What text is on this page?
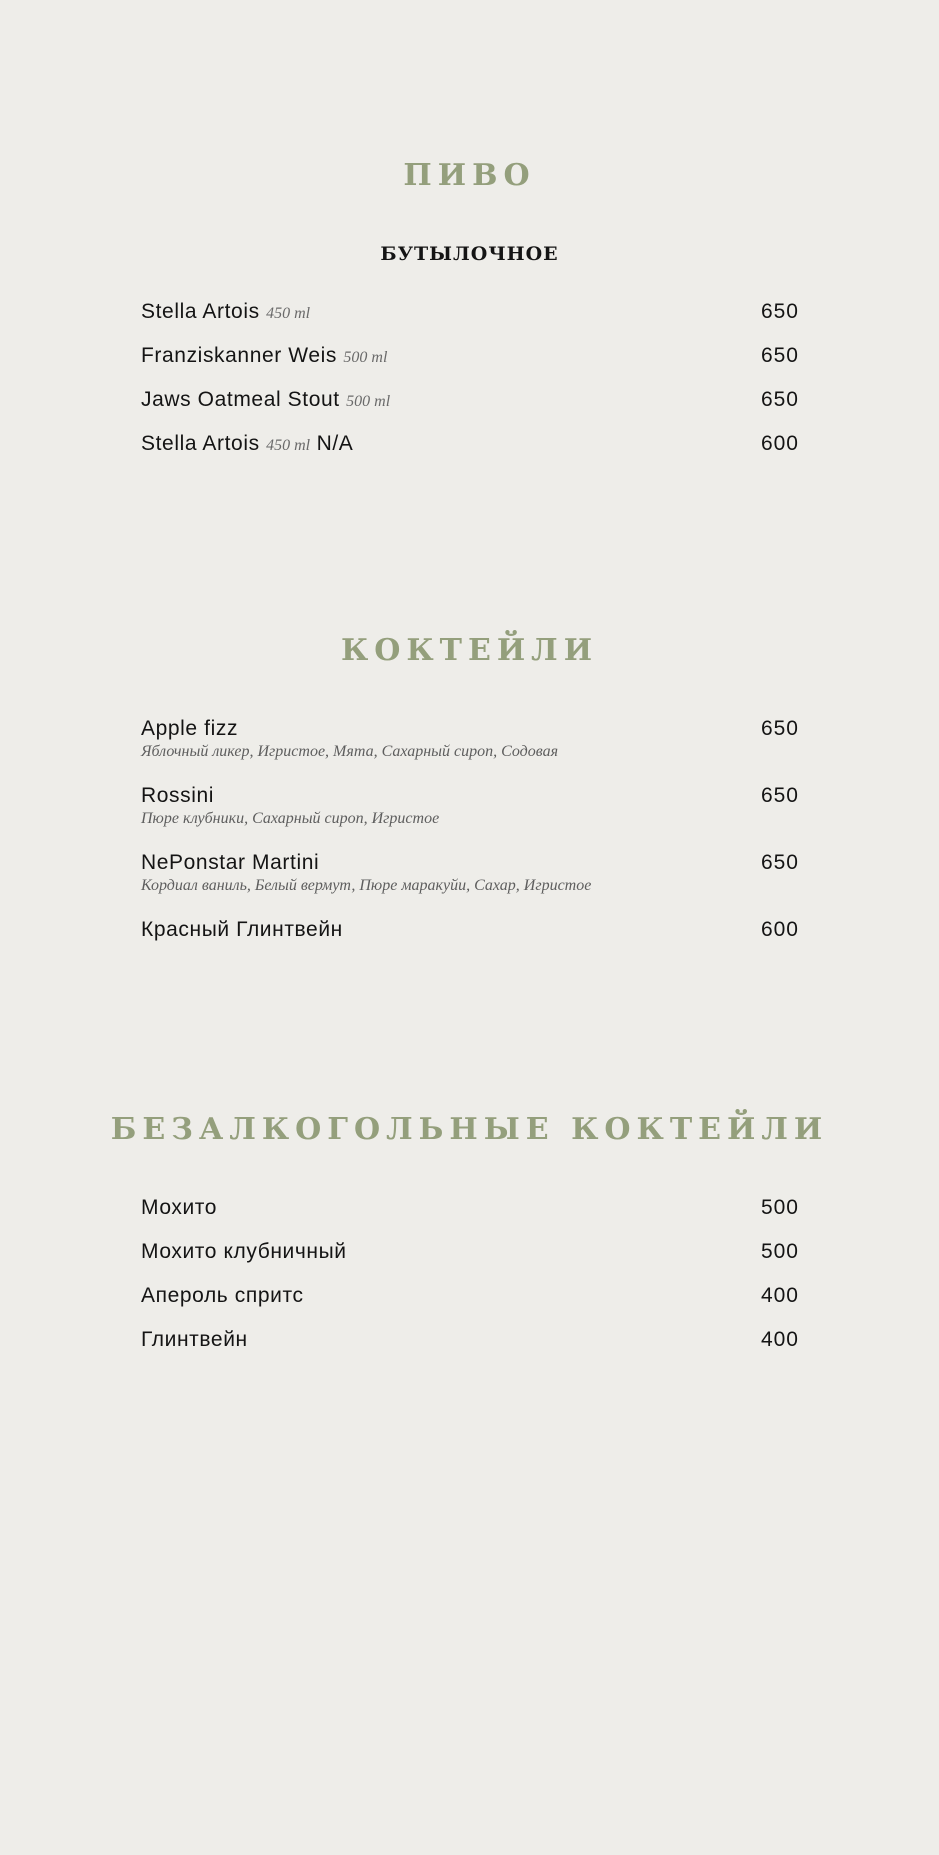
ПИВО
БУТЫЛОЧНОЕ
Stella Artois 450 ml	650
Franziskanner Weis 500 ml	650
Jaws Oatmeal Stout 500 ml	650
Stella Artois 450 ml N/A	600
КОКТЕЙЛИ
Apple fizz	650
Яблочный ликер, Игристое, Мята, Сахарный сироп, Содовая
Rossini	650
Пюре клубники, Сахарный сироп, Игристое
NePonstar Martini	650
Кордиал ваниль, Белый вермут, Пюре маракуйи, Сахар, Игристое
Красный Глинтвейн	600
БЕЗАЛКОГОЛЬНЫЕ КОКТЕЙЛИ
Мохито	500
Мохито клубничный	500
Апероль спритс	400
Глинтвейн	400
